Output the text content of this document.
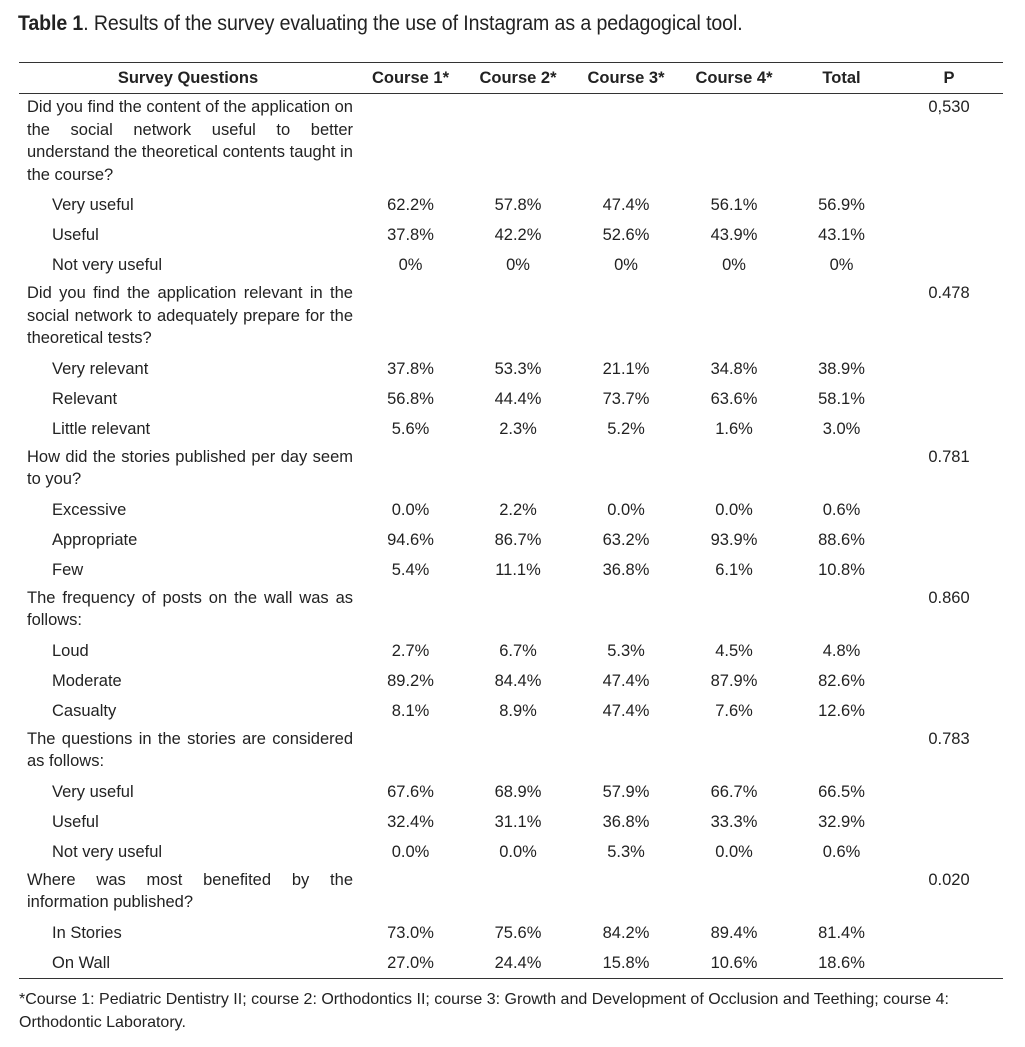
Table 1. Results of the survey evaluating the use of Instagram as a pedagogical tool.
Survey Questions	Course 1*	Course 2*	Course 3*	Course 4*	Total	P
Did you find the content of the application on the social network useful to better understand the theoretical contents taught in the course?						0,530
Very useful	62.2%	57.8%	47.4%	56.1%	56.9%	
Useful	37.8%	42.2%	52.6%	43.9%	43.1%	
Not very useful	0%	0%	0%	0%	0%	
Did you find the application relevant in the social network to adequately prepare for the theoretical tests?						0.478
Very relevant	37.8%	53.3%	21.1%	34.8%	38.9%	
Relevant	56.8%	44.4%	73.7%	63.6%	58.1%	
Little relevant	5.6%	2.3%	5.2%	1.6%	3.0%	
How did the stories published per day seem to you?						0.781
Excessive	0.0%	2.2%	0.0%	0.0%	0.6%	
Appropriate	94.6%	86.7%	63.2%	93.9%	88.6%	
Few	5.4%	11.1%	36.8%	6.1%	10.8%	
The frequency of posts on the wall was as follows:						0.860
Loud	2.7%	6.7%	5.3%	4.5%	4.8%	
Moderate	89.2%	84.4%	47.4%	87.9%	82.6%	
Casualty	8.1%	8.9%	47.4%	7.6%	12.6%	
The questions in the stories are considered as follows:						0.783
Very useful	67.6%	68.9%	57.9%	66.7%	66.5%	
Useful	32.4%	31.1%	36.8%	33.3%	32.9%	
Not very useful	0.0%	0.0%	5.3%	0.0%	0.6%	
Where was most benefited by the information published?						0.020
In Stories	73.0%	75.6%	84.2%	89.4%	81.4%	
On Wall	27.0%	24.4%	15.8%	10.6%	18.6%	
*Course 1: Pediatric Dentistry II; course 2: Orthodontics II; course 3: Growth and Development of Occlusion and Teething; course 4: Orthodontic Laboratory.
